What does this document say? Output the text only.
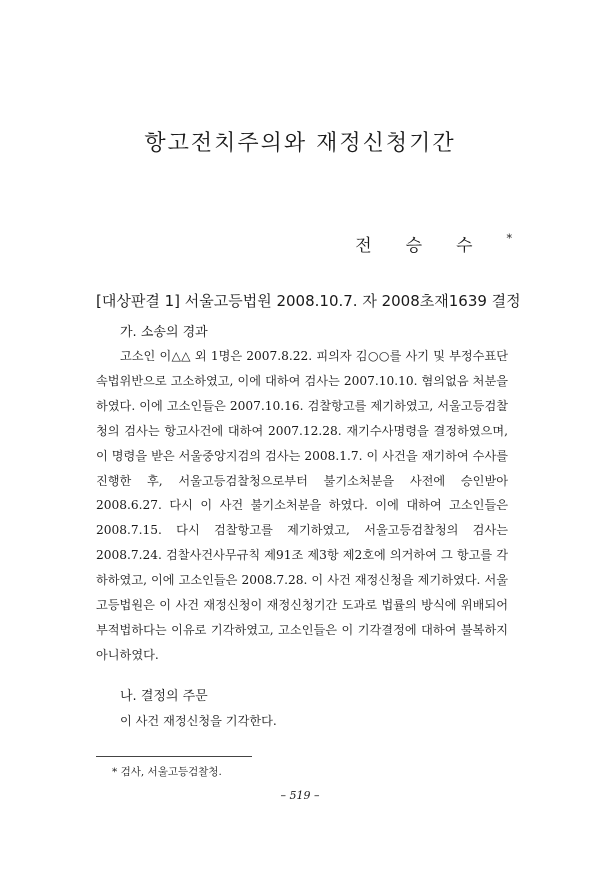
항고전치주의와 재정신청기간
전승수*
[대상판결 1] 서울고등법원 2008.10.7. 자 2008초재1639 결정
가. 소송의 경과

고소인 이△△ 외 1명은 2007.8.22. 피의자 김○○를 사기 및 부정수표단속법위반으로 고소하였고, 이에 대하여 검사는 2007.10.10. 혐의없음 처분을 하였다. 이에 고소인들은 2007.10.16. 검찰항고를 제기하였고, 서울고등검찰청의 검사는 항고사건에 대하여 2007.12.28. 재기수사명령을 결정하였으며, 이 명령을 받은 서울중앙지검의 검사는 2008.1.7. 이 사건을 재기하여 수사를 진행한 후, 서울고등검찰청으로부터 불기소처분을 사전에 승인받아 2008.6.27. 다시 이 사건 불기소처분을 하였다. 이에 대하여 고소인들은 2008.7.15. 다시 검찰항고를 제기하였고, 서울고등검찰청의 검사는 2008.7.24. 검찰사건사무규칙 제91조 제3항 제2호에 의거하여 그 항고를 각하하였고, 이에 고소인들은 2008.7.28. 이 사건 재정신청을 제기하였다. 서울고등법원은 이 사건 재정신청이 재정신청기간 도과로 법률의 방식에 위배되어 부적법하다는 이유로 기각하였고, 고소인들은 이 기각결정에 대하여 불복하지 아니하였다.

나. 결정의 주문

이 사건 재정신청을 기각한다.

* 검사, 서울고등검찰청.
– 519 –
